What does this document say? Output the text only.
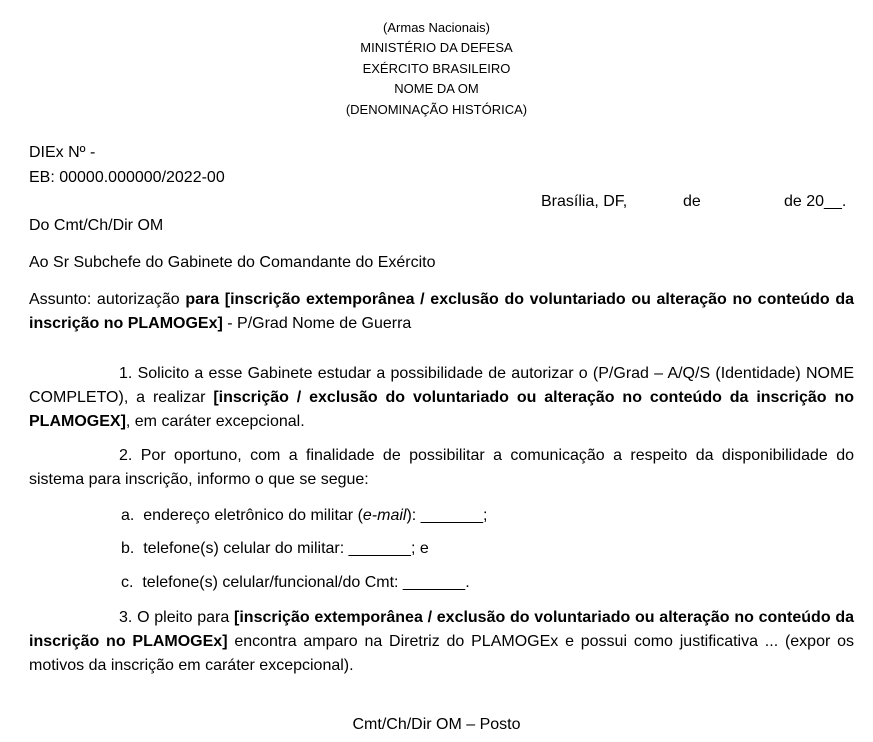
(Armas Nacionais)
MINISTÉRIO DA DEFESA
EXÉRCITO BRASILEIRO
NOME DA OM
(DENOMINAÇÃO HISTÓRICA)
DIEx Nº -
EB: 00000.000000/2022-00
Brasília, DF,	de	de 20__.
Do Cmt/Ch/Dir OM
Ao Sr Subchefe do Gabinete do Comandante do Exército
Assunto: autorização para [inscrição extemporânea / exclusão do voluntariado ou alteração no conteúdo da inscrição no PLAMOGEx] - P/Grad Nome de Guerra
1. Solicito a esse Gabinete estudar a possibilidade de autorizar o (P/Grad – A/Q/S (Identidade) NOME COMPLETO), a realizar [inscrição / exclusão do voluntariado ou alteração no conteúdo da inscrição no PLAMOGEX], em caráter excepcional.
2. Por oportuno, com a finalidade de possibilitar a comunicação a respeito da disponibilidade do sistema para inscrição, informo o que se segue:
a. endereço eletrônico do militar (e-mail): _______;
b. telefone(s) celular do militar: _______; e
c. telefone(s) celular/funcional/do Cmt: _______.
3. O pleito para [inscrição extemporânea / exclusão do voluntariado ou alteração no conteúdo da inscrição no PLAMOGEx] encontra amparo na Diretriz do PLAMOGEx e possui como justificativa ... (expor os motivos da inscrição em caráter excepcional).
Cmt/Ch/Dir OM – Posto
